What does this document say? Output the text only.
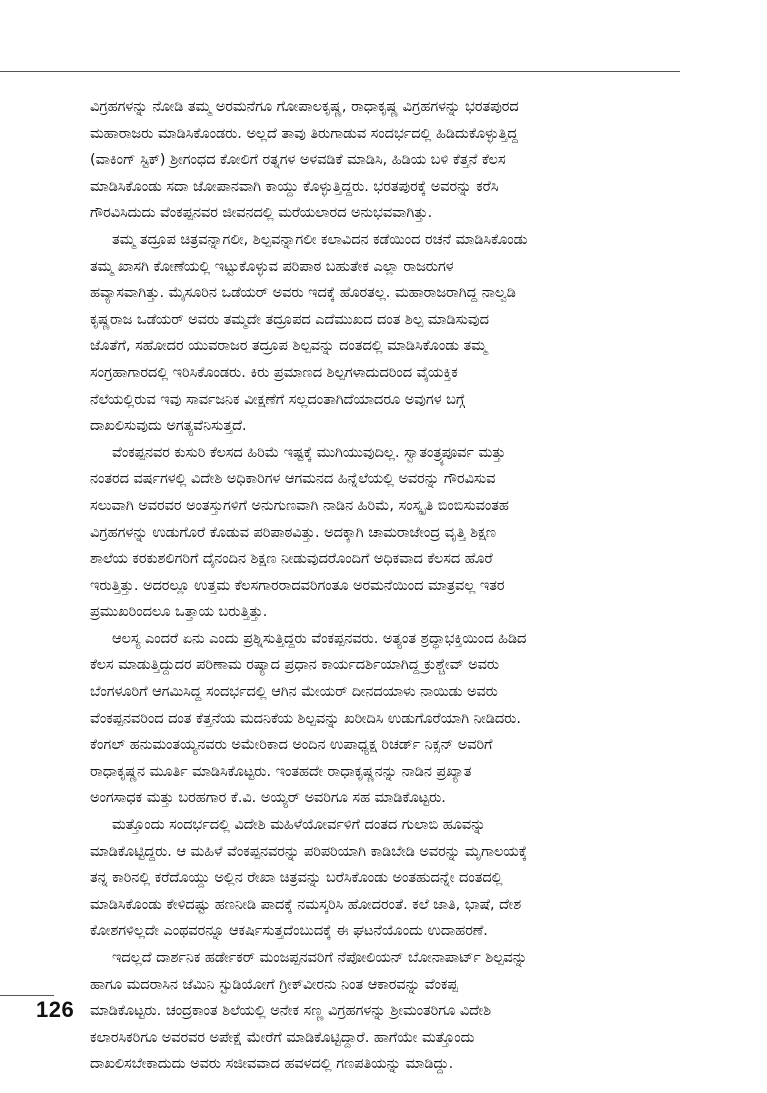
ವಿಗ್ರಹಗಳನ್ನು ನೋಡಿ ತಮ್ಮ ಅರಮನೆಗೂ ಗೋಪಾಲಕೃಷ್ಣ, ರಾಧಾಕೃಷ್ಣ ವಿಗ್ರಹಗಳನ್ನು ಭರತಪುರದ
ಮಹಾರಾಜರು ಮಾಡಿಸಿಕೊಂಡರು. ಅಲ್ಲದೆ ತಾವು ತಿರುಗಾಡುವ ಸಂದರ್ಭದಲ್ಲಿ ಹಿಡಿದುಕೊಳ್ಳುತ್ತಿದ್ದ
(ವಾಕಿಂಗ್ ಸ್ಟಿಕ್) ಶ್ರೀಗಂಧದ ಕೋಲಿಗೆ ರತ್ನಗಳ ಅಳವಡಿಕೆ ಮಾಡಿಸಿ, ಹಿಡಿಯ ಬಳಿ ಕೆತ್ತನೆ ಕೆಲಸ
ಮಾಡಿಸಿಕೊಂಡು ಸದಾ ಜೋಪಾನವಾಗಿ ಕಾಯ್ದು ಕೊಳ್ಳುತ್ತಿದ್ದರು. ಭರತಪುರಕ್ಕೆ ಅವರನ್ನು ಕರೆಸಿ
ಗೌರವಿಸಿದುದು ವೆಂಕಪ್ಪನವರ ಜೀವನದಲ್ಲಿ ಮರೆಯಲಾರದ ಅನುಭವವಾಗಿತ್ತು.
ತಮ್ಮ ತದ್ರೂಪ ಚಿತ್ರವನ್ನಾಗಲೀ, ಶಿಲ್ಪವನ್ನಾಗಲೀ ಕಲಾವಿದನ ಕಡೆಯಿಂದ ರಚನೆ ಮಾಡಿಸಿಕೊಂಡು
ತಮ್ಮ ಖಾಸಗಿ ಕೋಣೆಯಲ್ಲಿ ಇಟ್ಟುಕೊಳ್ಳುವ ಪರಿಪಾಠ ಬಹುತೇಕ ಎಲ್ಲಾ ರಾಜರುಗಳ
ಹವ್ಯಾಸವಾಗಿತ್ತು. ಮೈಸೂರಿನ ಒಡೆಯರ್ ಅವರು ಇದಕ್ಕೆ ಹೊರತಲ್ಲ. ಮಹಾರಾಜರಾಗಿದ್ದ ನಾಲ್ವಡಿ
ಕೃಷ್ಣರಾಜ ಒಡೆಯರ್ ಅವರು ತಮ್ಮದೇ ತದ್ರೂಪದ ಎದೆಮುಖದ ದಂತ ಶಿಲ್ಪ ಮಾಡಿಸುವುದ
ಜೊತೆಗೆ, ಸಹೋದರ ಯುವರಾಜರ ತದ್ರೂಪ ಶಿಲ್ಪವನ್ನು ದಂತದಲ್ಲಿ ಮಾಡಿಸಿಕೊಂಡು ತಮ್ಮ
ಸಂಗ್ರಹಾಗಾರದಲ್ಲಿ ಇರಿಸಿಕೊಂಡರು. ಕಿರು ಪ್ರಮಾಣದ ಶಿಲ್ಪಗಳಾದುದರಿಂದ ವೈಯಕ್ತಿಕ
ನೆಲೆಯಲ್ಲಿರುವ ಇವು ಸಾರ್ವಜನಿಕ ವೀಕ್ಷಣೆಗೆ ಸಲ್ಲದಂತಾಗಿದೆಯಾದರೂ ಅವುಗಳ ಬಗ್ಗೆ
ದಾಖಲಿಸುವುದು ಅಗತ್ಯವೆನಿಸುತ್ತದೆ.
ವೆಂಕಪ್ಪನವರ ಕುಸುರಿ ಕೆಲಸದ ಹಿರಿಮೆ ಇಷ್ಟಕ್ಕೆ ಮುಗಿಯುವುದಿಲ್ಲ. ಸ್ವಾತಂತ್ರ್ಯಪೂರ್ವ ಮತ್ತು
ನಂತರದ ವರ್ಷಗಳಲ್ಲಿ ವಿದೇಶಿ ಅಧಿಕಾರಿಗಳ ಆಗಮನದ ಹಿನ್ನೆಲೆಯಲ್ಲಿ ಅವರನ್ನು ಗೌರವಿಸುವ
ಸಲುವಾಗಿ ಅವರವರ ಅಂತಸ್ತುಗಳಿಗೆ ಅನುಗುಣವಾಗಿ ನಾಡಿನ ಹಿರಿಮೆ, ಸಂಸ್ಕೃತಿ ಬಿಂಬಿಸುವಂತಹ
ವಿಗ್ರಹಗಳನ್ನು ಉಡುಗೊರೆ ಕೊಡುವ ಪರಿಪಾಠವಿತ್ತು. ಅದಕ್ಕಾಗಿ ಚಾಮರಾಜೇಂದ್ರ ವೃತ್ತಿ ಶಿಕ್ಷಣ
ಶಾಲೆಯ ಕರಕುಶಲಿಗರಿಗೆ ದೈನಂದಿನ ಶಿಕ್ಷಣ ನೀಡುವುದರೊಂದಿಗೆ ಅಧಿಕವಾದ ಕೆಲಸದ ಹೊರೆ
ಇರುತ್ತಿತ್ತು. ಅದರಲ್ಲೂ ಉತ್ತಮ ಕೆಲಸಗಾರರಾದವರಿಗಂತೂ ಅರಮನೆಯಿಂದ ಮಾತ್ರವಲ್ಲ ಇತರ
ಪ್ರಮುಖರಿಂದಲೂ ಒತ್ತಾಯ ಬರುತ್ತಿತ್ತು.
ಆಲಸ್ಯ ಎಂದರೆ ಏನು ಎಂದು ಪ್ರಶ್ನಿಸುತ್ತಿದ್ದರು ವೆಂಕಪ್ಪನವರು. ಅತ್ಯಂತ ಶ್ರದ್ಧಾಭಕ್ತಿಯಿಂದ ಹಿಡಿದ
ಕೆಲಸ ಮಾಡುತ್ತಿದ್ದುದರ ಪರಿಣಾಮ ರಷ್ಯಾದ ಪ್ರಧಾನ ಕಾರ್ಯದರ್ಶಿಯಾಗಿದ್ದ ಕ್ರುಶ್ಚೇವ್ ಅವರು
ಬೆಂಗಳೂರಿಗೆ ಆಗಮಿಸಿದ್ದ ಸಂದರ್ಭದಲ್ಲಿ ಆಗಿನ ಮೇಯರ್ ದೀನದಯಾಳು ನಾಯಿಡು ಅವರು
ವೆಂಕಪ್ಪನವರಿಂದ ದಂತ ಕೆತ್ತನೆಯ ಮದನಿಕೆಯ ಶಿಲ್ಪವನ್ನು ಖರೀದಿಸಿ ಉಡುಗೊರೆಯಾಗಿ ನೀಡಿದರು.
ಕೆಂಗಲ್ ಹನುಮಂತಯ್ಯನವರು ಅಮೇರಿಕಾದ ಅಂದಿನ ಉಪಾಧ್ಯಕ್ಷ ರಿಚರ್ಡ್ ನಿಕ್ಸನ್ ಅವರಿಗೆ
ರಾಧಾಕೃಷ್ಣನ ಮೂರ್ತಿ ಮಾಡಿಸಿಕೊಟ್ಟರು. ಇಂತಹದೇ ರಾಧಾಕೃಷ್ಣನನ್ನು ನಾಡಿನ ಪ್ರಖ್ಯಾತ
ಅಂಗಸಾಧಕ ಮತ್ತು ಬರಹಗಾರ ಕೆ.ವಿ. ಅಯ್ಯರ್ ಅವರಿಗೂ ಸಹ ಮಾಡಿಕೊಟ್ಟರು.
ಮತ್ತೊಂದು ಸಂದರ್ಭದಲ್ಲಿ ವಿದೇಶಿ ಮಹಿಳೆಯೋರ್ವಳಿಗೆ ದಂತದ ಗುಲಾಬಿ ಹೂವನ್ನು
ಮಾಡಿಕೊಟ್ಟಿದ್ದರು. ಆ ಮಹಿಳೆ ವೆಂಕಪ್ಪನವರನ್ನು ಪರಿಪರಿಯಾಗಿ ಕಾಡಿಬೇಡಿ ಅವರನ್ನು ಮೃಗಾಲಯಕ್ಕೆ
ತನ್ನ ಕಾರಿನಲ್ಲಿ ಕರೆದೊಯ್ದು ಅಲ್ಲಿನ ರೇಖಾ ಚಿತ್ರವನ್ನು ಬರೆಸಿಕೊಂಡು ಅಂತಹುದನ್ನೇ ದಂತದಲ್ಲಿ
ಮಾಡಿಸಿಕೊಂಡು ಕೇಳಿದಷ್ಟು ಹಣನೀಡಿ ಪಾದಕ್ಕೆ ನಮಸ್ಕರಿಸಿ ಹೋದರಂತೆ. ಕಲೆ ಜಾತಿ, ಭಾಷೆ, ದೇಶ
ಕೋಶಗಳಿಲ್ಲದೇ ಎಂಥವರನ್ನೂ ಆಕರ್ಷಿಸುತ್ತದೆಂಬುದಕ್ಕೆ ಈ ಘಟನೆಯೊಂದು ಉದಾಹರಣೆ.
ಇದಲ್ಲದೆ ದಾರ್ಶನಿಕ ಹರ್ಡೇಕರ್ ಮಂಜಪ್ಪನವರಿಗೆ ನೆಪೋಲಿಯನ್ ಬೋನಾಪಾರ್ಟ್ ಶಿಲ್ಪವನ್ನು
ಹಾಗೂ ಮದರಾಸಿನ ಜೆಮಿನಿ ಸ್ಟುಡಿಯೋಗೆ ಗ್ರೀಕ್‌ವೀರನು ನಿಂತ ಆಕಾರವನ್ನು ವೆಂಕಪ್ಪ
ಮಾಡಿಕೊಟ್ಟರು. ಚಂದ್ರಕಾಂತ ಶಿಲೆಯಲ್ಲಿ ಅನೇಕ ಸಣ್ಣ ವಿಗ್ರಹಗಳನ್ನು ಶ್ರೀಮಂತರಿಗೂ ವಿದೇಶಿ
ಕಲಾರಸಿಕರಿಗೂ ಅವರವರ ಅಪೇಕ್ಷೆ ಮೇರೆಗೆ ಮಾಡಿಕೊಟ್ಟಿದ್ದಾರೆ. ಹಾಗೆಯೇ ಮತ್ತೊಂದು
ದಾಖಲಿಸಬೇಕಾದುದು ಅವರು ಸಜೀವವಾದ ಹವಳದಲ್ಲಿ ಗಣಪತಿಯನ್ನು ಮಾಡಿದ್ದು.
126
